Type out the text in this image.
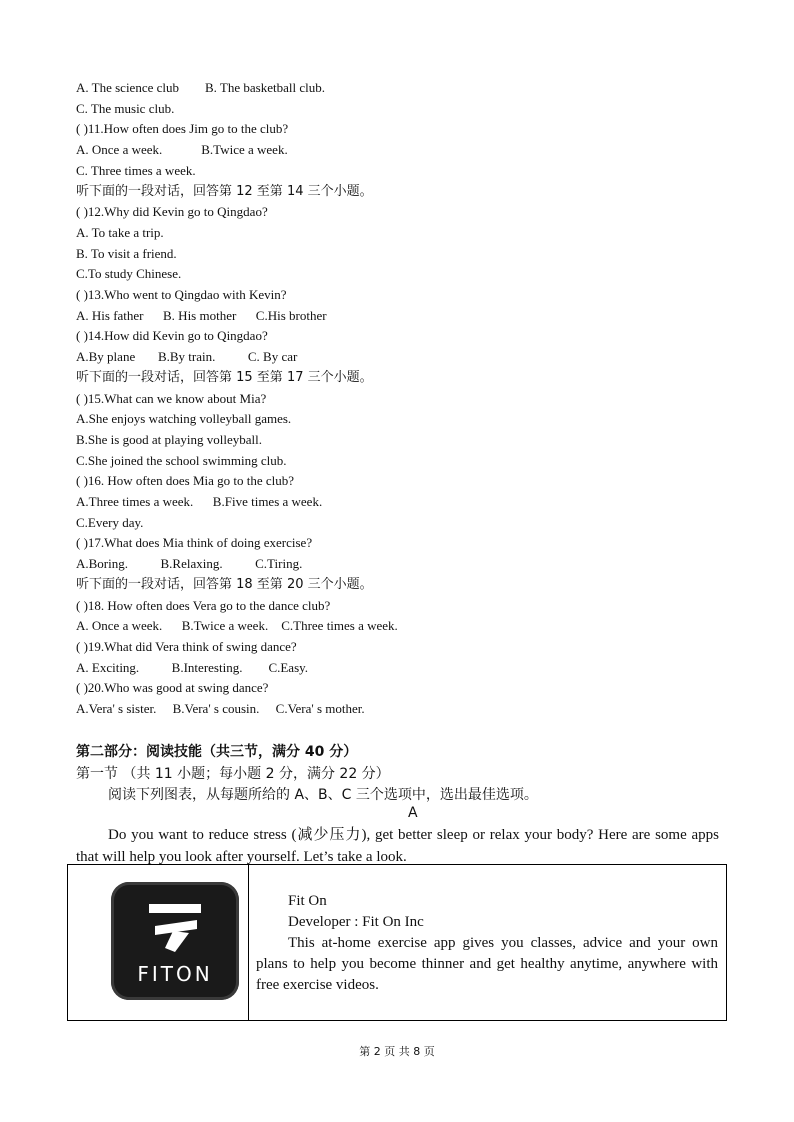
A. The science club        B. The basketball club.
C. The music club.
( )11.How often does Jim go to the club?
A. Once a week.            B.Twice a week.
C. Three times a week.
听下面的一段对话，回答第 12 至第 14 三个小题。
( )12.Why did Kevin go to Qingdao?
A. To take a trip.
B. To visit a friend.
C.To study Chinese.
( )13.Who went to Qingdao with Kevin?
A. His father      B. His mother      C.His brother
( )14.How did Kevin go to Qingdao?
A.By plane       B.By train.          C. By car
听下面的一段对话，回答第 15 至第 17 三个小题。
( )15.What can we know about Mia?
A.She enjoys watching volleyball games.
B.She is good at playing volleyball.
C.She joined the school swimming club.
( )16. How often does Mia go to the club?
A.Three times a week.      B.Five times a week.
C.Every day.
( )17.What does Mia think of doing exercise?
A.Boring.          B.Relaxing.          C.Tiring.
听下面的一段对话，回答第 18 至第 20 三个小题。
( )18. How often does Vera go to the dance club?
A. Once a week.      B.Twice a week.    C.Three times a week.
( )19.What did Vera think of swing dance?
A. Exciting.          B.Interesting.        C.Easy.
( )20.Who was good at swing dance?
A.Vera' s sister.     B.Vera' s cousin.     C.Vera' s mother.
第二部分：阅读技能（共三节，满分 40 分）
第一节 （共 11 小题；每小题 2 分，满分 22 分）
阅读下列图表，从每题所给的 A、B、C 三个选项中，选出最佳选项。
A
Do you want to reduce stress (减少压力), get better sleep or relax your body? Here are some apps that will help you look after yourself. Let’s take a look.
FITON
Fit On
Developer : Fit On Inc
This at-home exercise app gives you classes, advice and your own plans to help you become thinner and get healthy anytime, anywhere with free exercise videos.
第 2 页 共 8 页
